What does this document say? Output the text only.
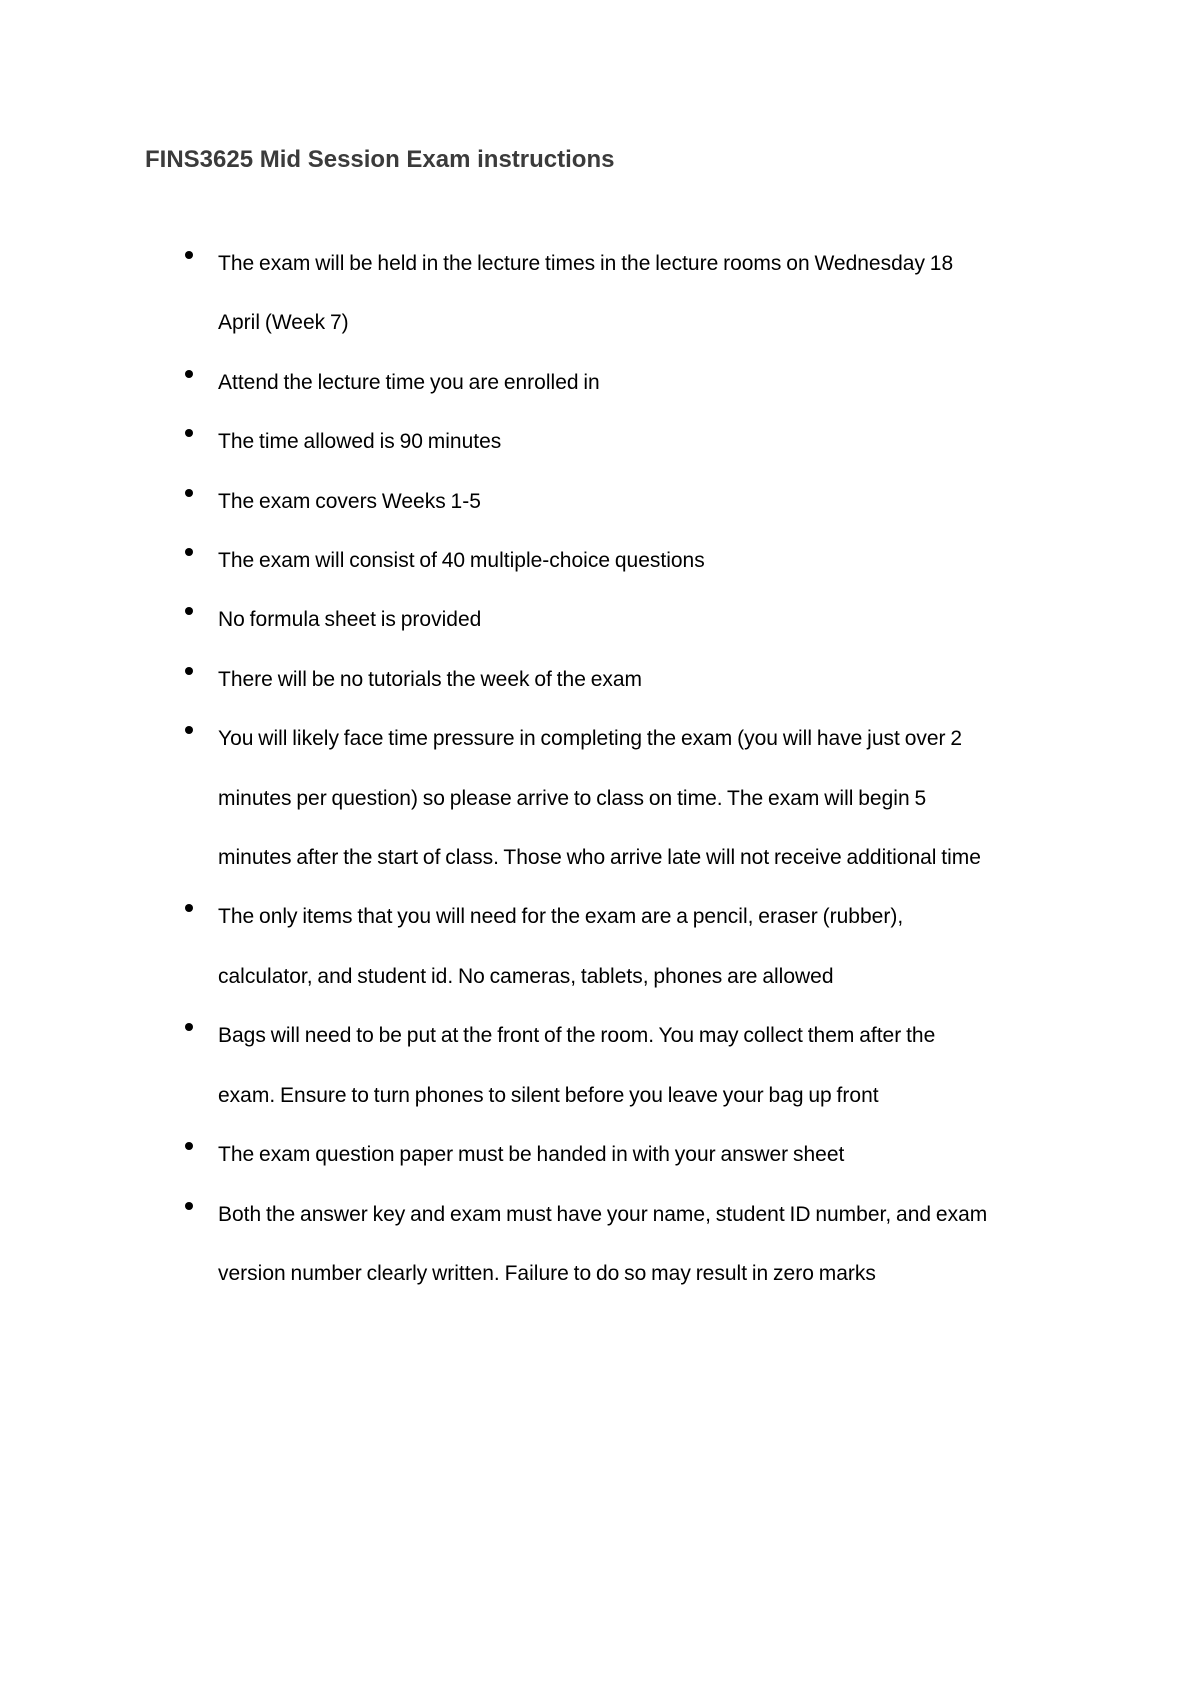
FINS3625 Mid Session Exam instructions
The exam will be held in the lecture times in the lecture rooms on Wednesday 18
April (Week 7)
Attend the lecture time you are enrolled in
The time allowed is 90 minutes
The exam covers Weeks 1-5
The exam will consist of 40 multiple-choice questions
No formula sheet is provided
There will be no tutorials the week of the exam
You will likely face time pressure in completing the exam (you will have just over 2
minutes per question) so please arrive to class on time. The exam will begin 5
minutes after the start of class. Those who arrive late will not receive additional time
The only items that you will need for the exam are a pencil, eraser (rubber),
calculator, and student id. No cameras, tablets, phones are allowed
Bags will need to be put at the front of the room. You may collect them after the
exam. Ensure to turn phones to silent before you leave your bag up front
The exam question paper must be handed in with your answer sheet
Both the answer key and exam must have your name, student ID number, and exam
version number clearly written. Failure to do so may result in zero marks
